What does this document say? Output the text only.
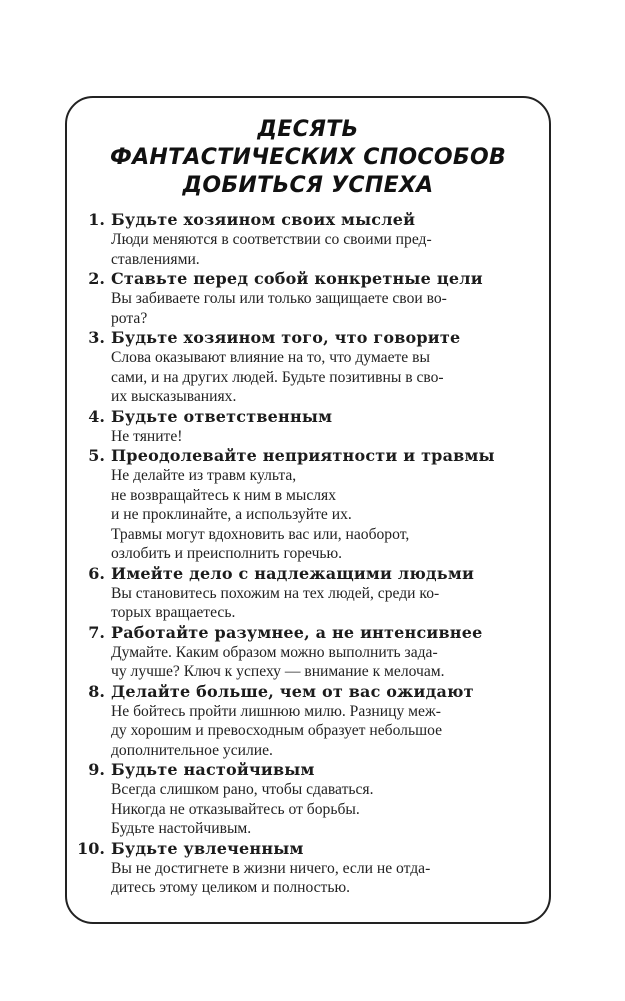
ДЕСЯТЬ
ФАНТАСТИЧЕСКИХ СПОСОБОВ
ДОБИТЬСЯ УСПЕХА
1. Будьте хозяином своих мыслей
Люди меняются в соответствии со своими пред-
ставлениями.
2. Ставьте перед собой конкретные цели
Вы забиваете голы или только защищаете свои во-
рота?
3. Будьте хозяином того, что говорите
Слова оказывают влияние на то, что думаете вы
сами, и на других людей. Будьте позитивны в сво-
их высказываниях.
4. Будьте ответственным
Не тяните!
5. Преодолевайте неприятности и травмы
Не делайте из травм культа,
не возвращайтесь к ним в мыслях
и не проклинайте, а используйте их.
Травмы могут вдохновить вас или, наоборот,
озлобить и преисполнить горечью.
6. Имейте дело с надлежащими людьми
Вы становитесь похожим на тех людей, среди ко-
торых вращаетесь.
7. Работайте разумнее, а не интенсивнее
Думайте. Каким образом можно выполнить зада-
чу лучше? Ключ к успеху — внимание к мелочам.
8. Делайте больше, чем от вас ожидают
Не бойтесь пройти лишнюю милю. Разницу меж-
ду хорошим и превосходным образует небольшое
дополнительное усилие.
9. Будьте настойчивым
Всегда слишком рано, чтобы сдаваться.
Никогда не отказывайтесь от борьбы.
Будьте настойчивым.
10. Будьте увлеченным
Вы не достигнете в жизни ничего, если не отда-
дитесь этому целиком и полностью.
